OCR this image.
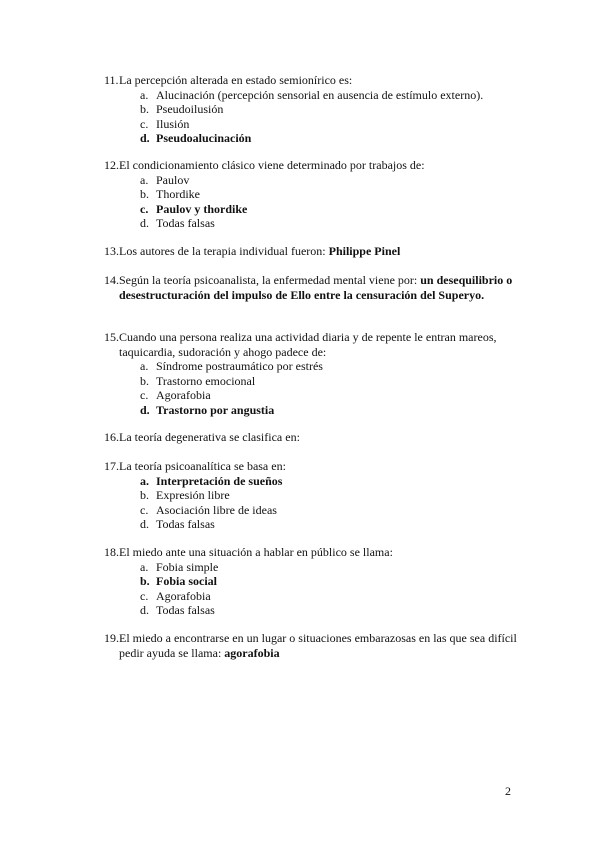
11. La percepción alterada en estado semionírico es:
a. Alucinación (percepción sensorial en ausencia de estímulo externo).
b. Pseudoilusión
c. Ilusión
d. Pseudoalucinación
12. El condicionamiento clásico viene determinado por trabajos de:
a. Paulov
b. Thordike
c. Paulov y thordike
d. Todas falsas
13. Los autores de la terapia individual fueron: Philippe Pinel
14. Según la teoría psicoanalista, la enfermedad mental viene por: un desequilibrio o desestructuración del impulso de Ello entre la censuración del Superyo.
15. Cuando una persona realiza una actividad diaria y de repente le entran mareos, taquicardia, sudoración y ahogo padece de:
a. Síndrome postraumático por estrés
b. Trastorno emocional
c. Agorafobia
d. Trastorno por angustia
16. La teoría degenerativa se clasifica en:
17. La teoría psicoanalítica se basa en:
a. Interpretación de sueños
b. Expresión libre
c. Asociación libre de ideas
d. Todas falsas
18. El miedo ante una situación a hablar en público se llama:
a. Fobia simple
b. Fobia social
c. Agorafobia
d. Todas falsas
19. El miedo a encontrarse en un lugar o situaciones embarazosas en las que sea difícil pedir ayuda se llama: agorafobia
2
